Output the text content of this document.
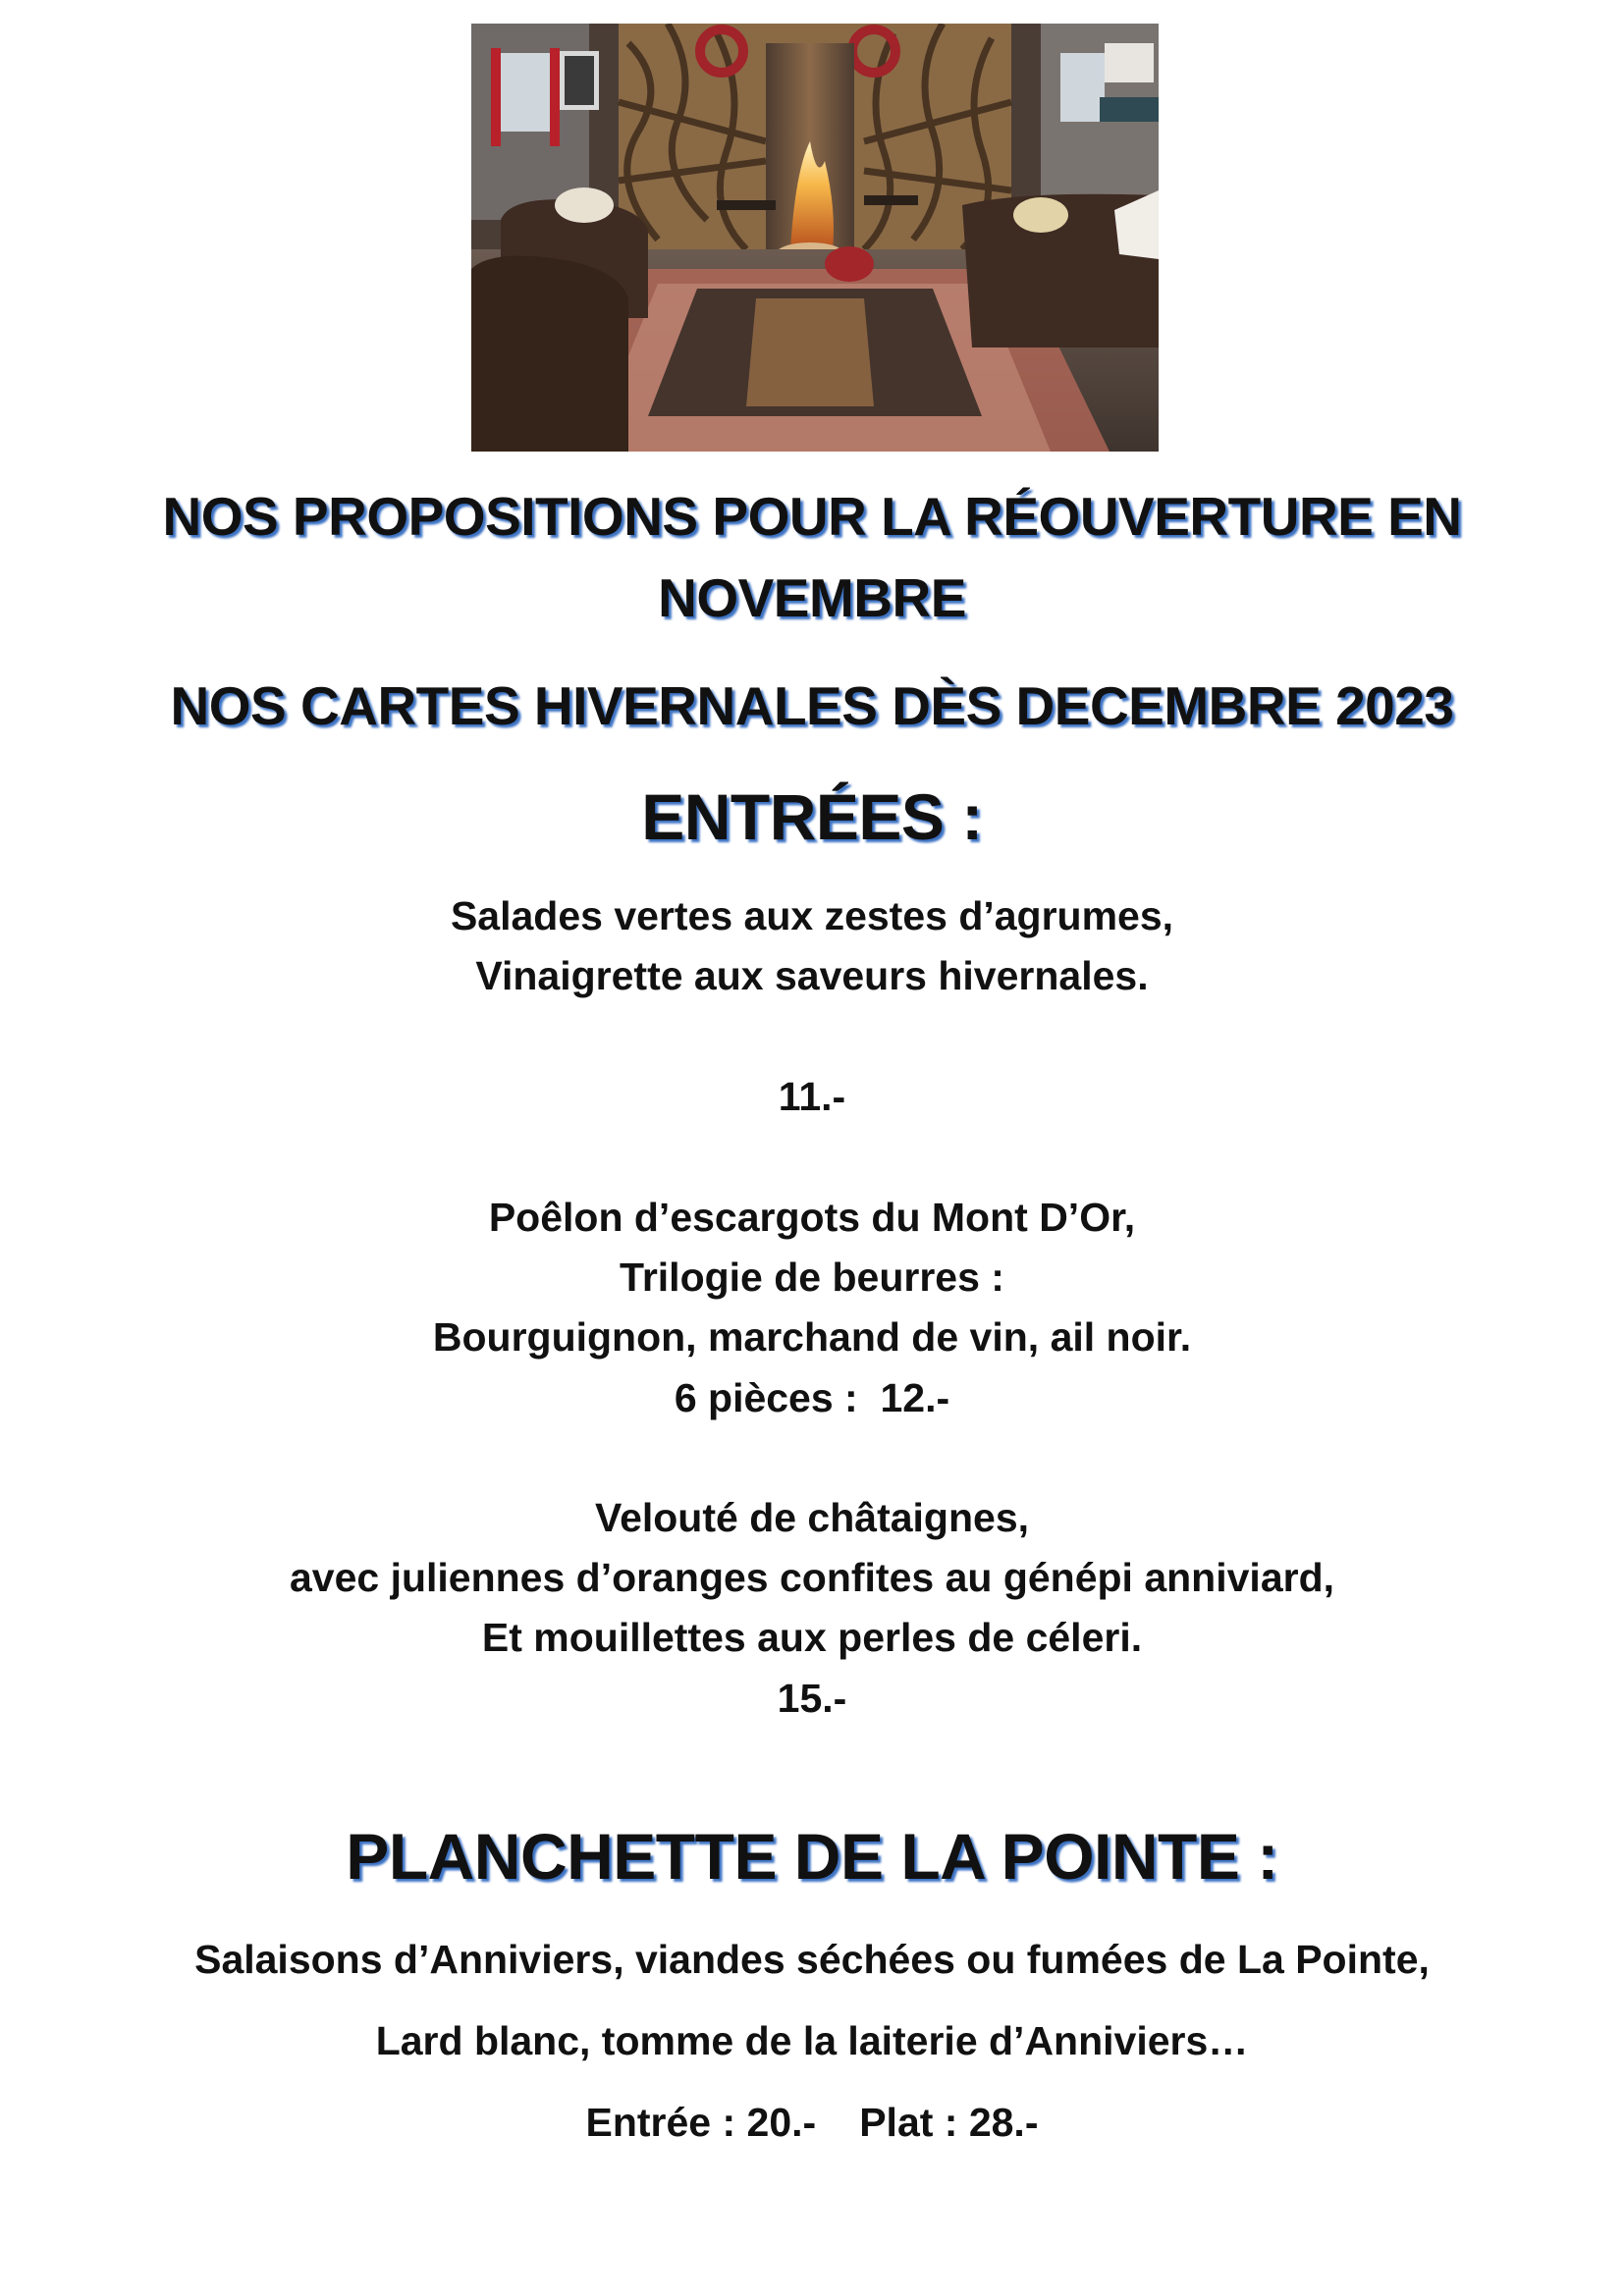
NOS PROPOSITIONS POUR LA RÉOUVERTURE EN
NOVEMBRE
NOS CARTES HIVERNALES DÈS DECEMBRE 2023
ENTRÉES :
Salades vertes aux zestes d’agrumes,
Vinaigrette aux saveurs hivernales.
11.-
Poêlon d’escargots du Mont D’Or,
Trilogie de beurres :
Bourguignon, marchand de vin, ail noir.
6 pièces :  12.-
Velouté de châtaignes,
avec juliennes d’oranges confites au génépi anniviard,
Et mouillettes aux perles de céleri.
15.-
PLANCHETTE DE LA POINTE :
Salaisons d’Anniviers, viandes séchées ou fumées de La Pointe,
Lard blanc, tomme de la laiterie d’Anniviers…
Entrée : 20.- Plat : 28.-
